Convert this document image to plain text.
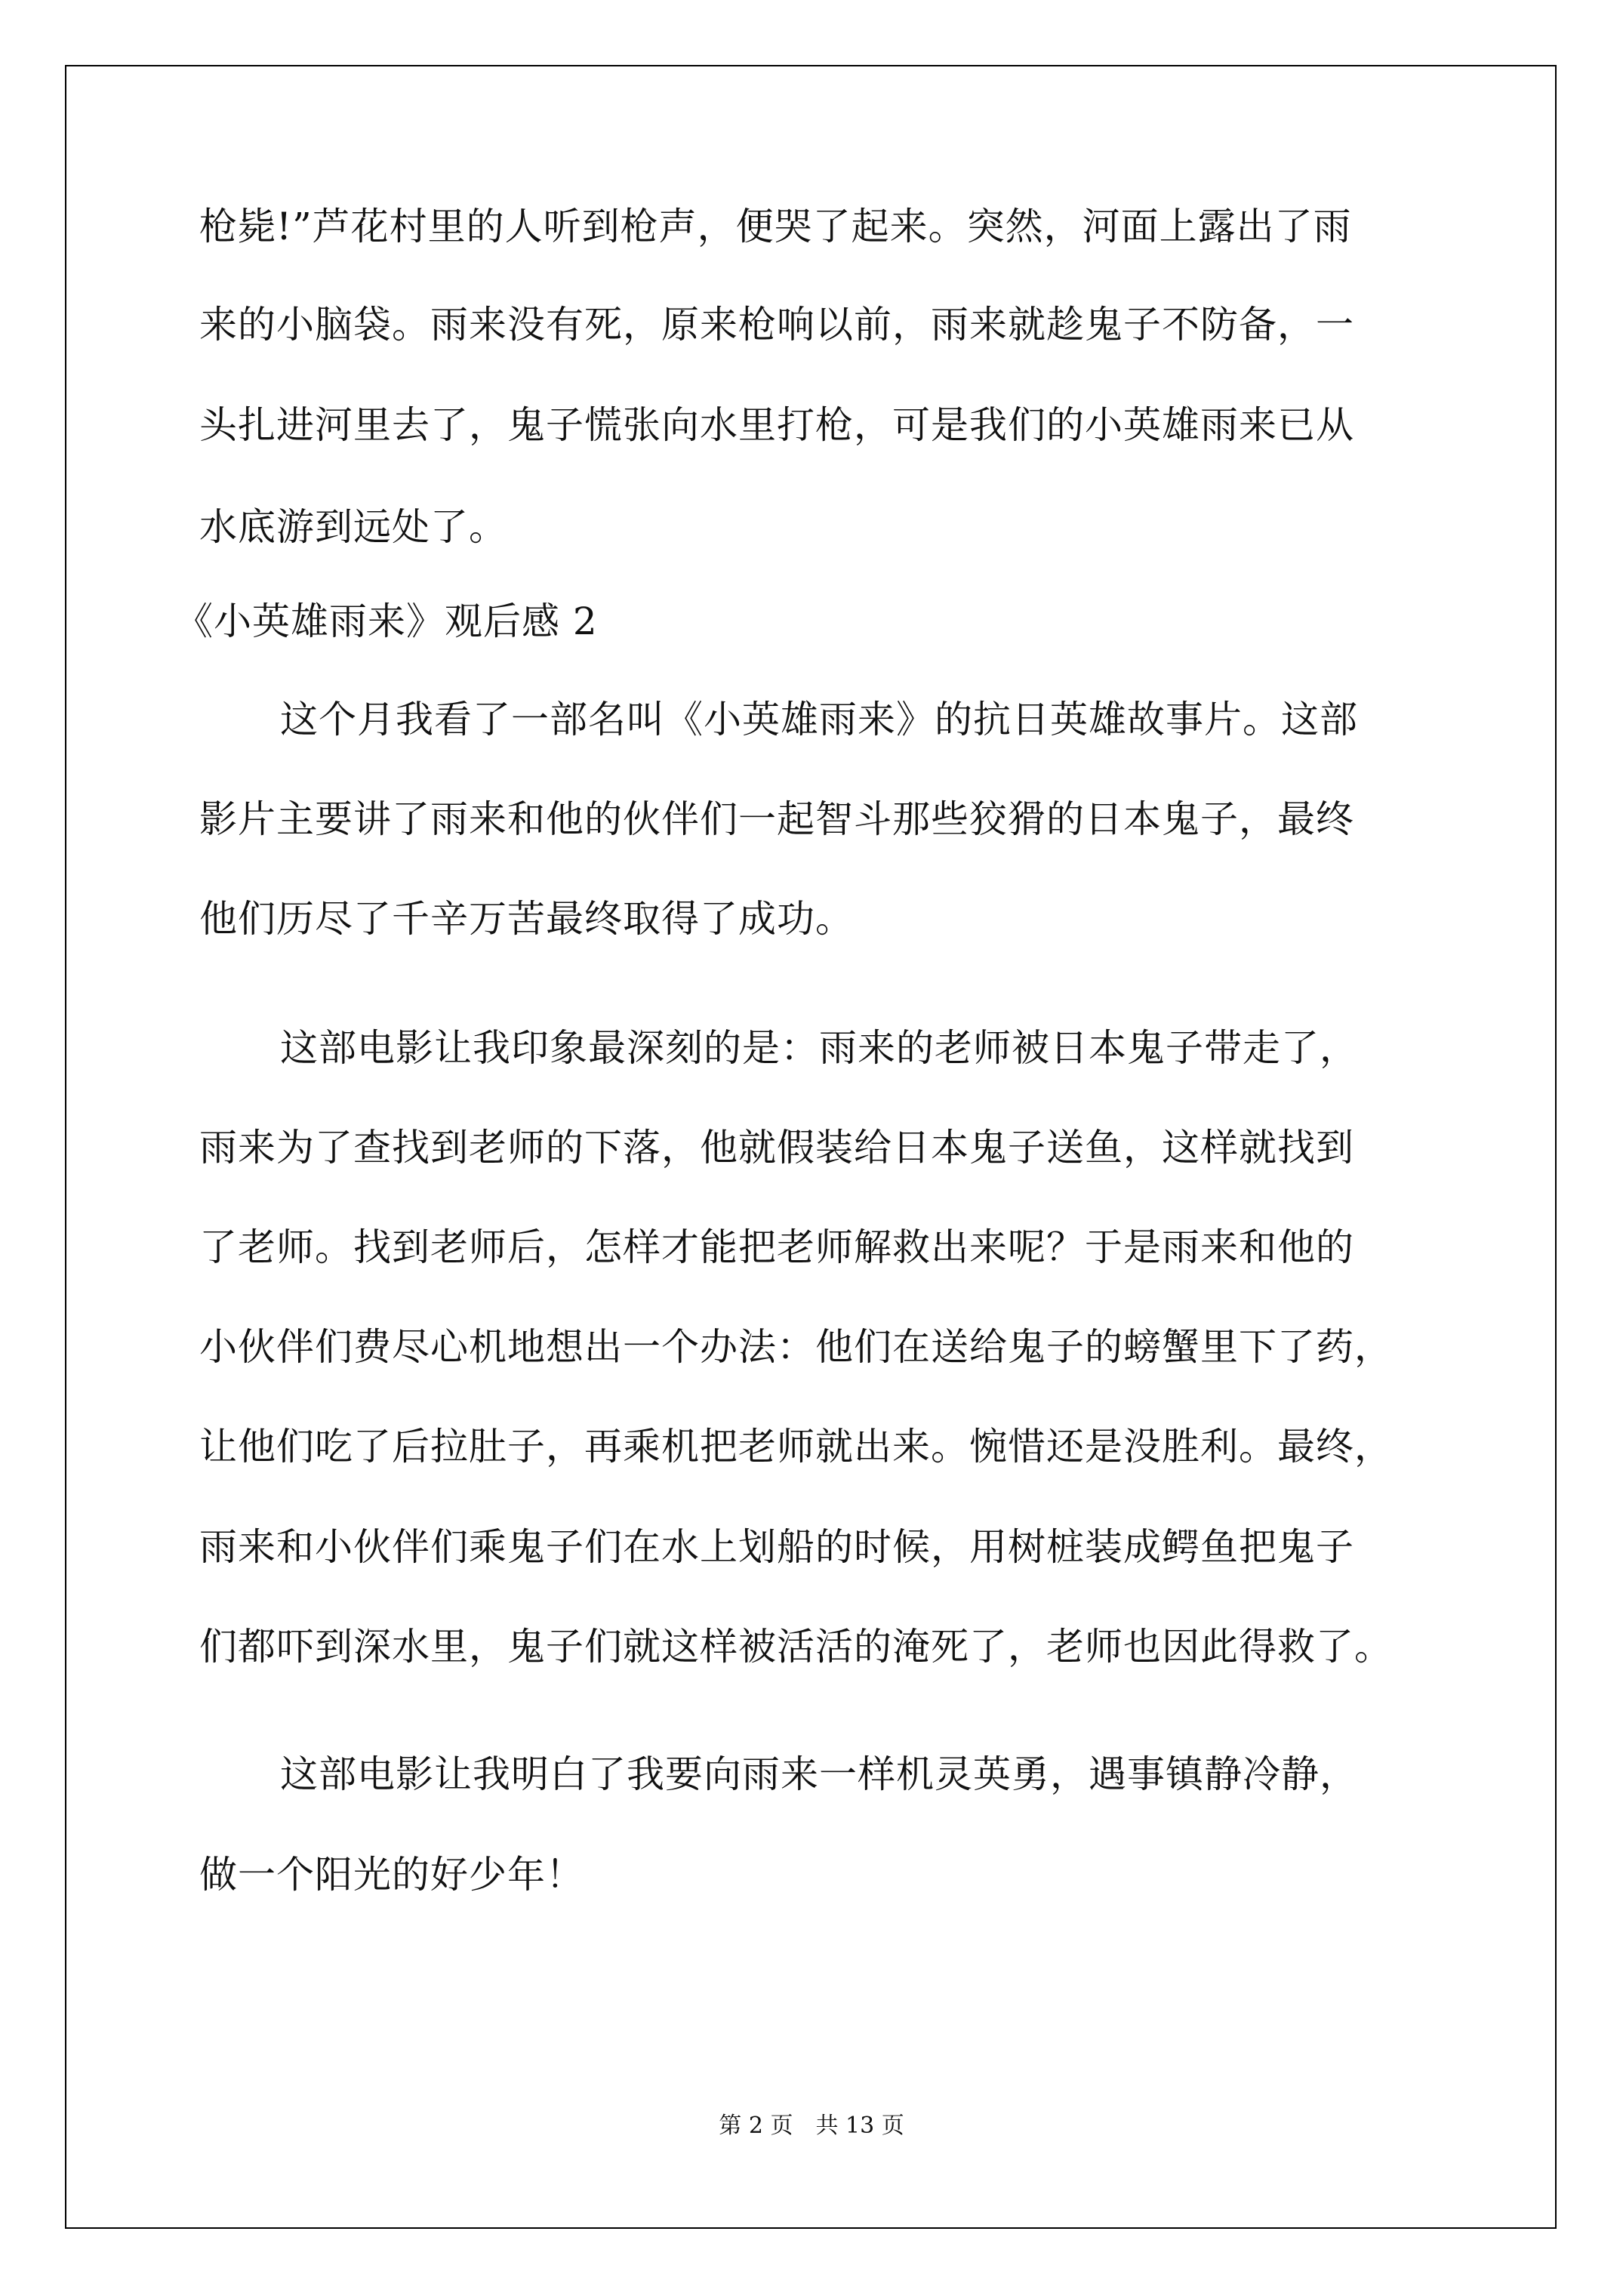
枪毙!”芦花村里的人听到枪声，便哭了起来。突然，河面上露出了雨
来的小脑袋。雨来没有死，原来枪响以前，雨来就趁鬼子不防备，一
头扎进河里去了，鬼子慌张向水里打枪，可是我们的小英雄雨来已从
水底游到远处了。
《小英雄雨来》观后感 2
这个月我看了一部名叫《小英雄雨来》的抗日英雄故事片。这部
影片主要讲了雨来和他的伙伴们一起智斗那些狡猾的日本鬼子，最终
他们历尽了千辛万苦最终取得了成功。
这部电影让我印象最深刻的是：雨来的老师被日本鬼子带走了，
雨来为了查找到老师的下落，他就假装给日本鬼子送鱼，这样就找到
了老师。找到老师后，怎样才能把老师解救出来呢？于是雨来和他的
小伙伴们费尽心机地想出一个办法：他们在送给鬼子的螃蟹里下了药，
让他们吃了后拉肚子，再乘机把老师就出来。惋惜还是没胜利。最终，
雨来和小伙伴们乘鬼子们在水上划船的时候，用树桩装成鳄鱼把鬼子
们都吓到深水里，鬼子们就这样被活活的淹死了，老师也因此得救了。
这部电影让我明白了我要向雨来一样机灵英勇，遇事镇静冷静，
做一个阳光的好少年！
第 2 页　共 13 页
